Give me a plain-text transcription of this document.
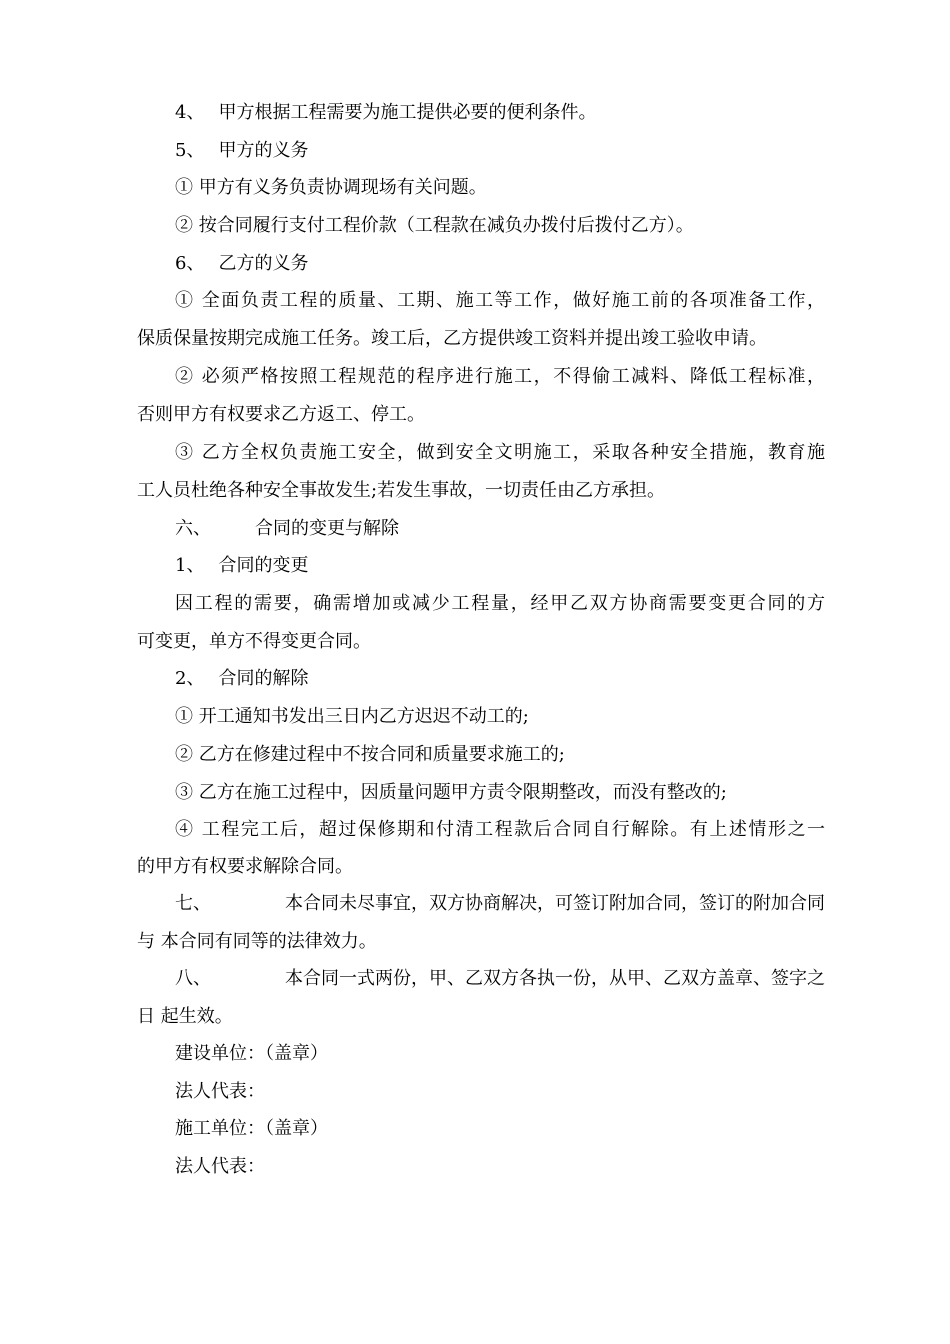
4、 甲方根据工程需要为施工提供必要的便利条件。
5、 甲方的义务
① 甲方有义务负责协调现场有关问题。
② 按合同履行支付工程价款（工程款在减负办拨付后拨付乙方）。
6、 乙方的义务
① 全面负责工程的质量、工期、施工等工作，做好施工前的各项准备工作，
保质保量按期完成施工任务。竣工后，乙方提供竣工资料并提出竣工验收申请。
② 必须严格按照工程规范的程序进行施工，不得偷工减料、降低工程标准，
否则甲方有权要求乙方返工、停工。
③ 乙方全权负责施工安全，做到安全文明施工，采取各种安全措施，教育施
工人员杜绝各种安全事故发生;若发生事故，一切责任由乙方承担。
六、 合同的变更与解除
1、 合同的变更
因工程的需要，确需增加或减少工程量，经甲乙双方协商需要变更合同的方
可变更，单方不得变更合同。
2、 合同的解除
① 开工通知书发出三日内乙方迟迟不动工的;
② 乙方在修建过程中不按合同和质量要求施工的;
③ 乙方在施工过程中，因质量问题甲方责令限期整改，而没有整改的;
④ 工程完工后，超过保修期和付清工程款后合同自行解除。有上述情形之一
的甲方有权要求解除合同。
七、	本合同未尽事宜，双方协商解决，可签订附加合同，签订的附加合同
与 本合同有同等的法律效力。
八、	本合同一式两份，甲、乙双方各执一份，从甲、乙双方盖章、签字之
日 起生效。
建设单位：（盖章）
法人代表：
施工单位：（盖章）
法人代表：
